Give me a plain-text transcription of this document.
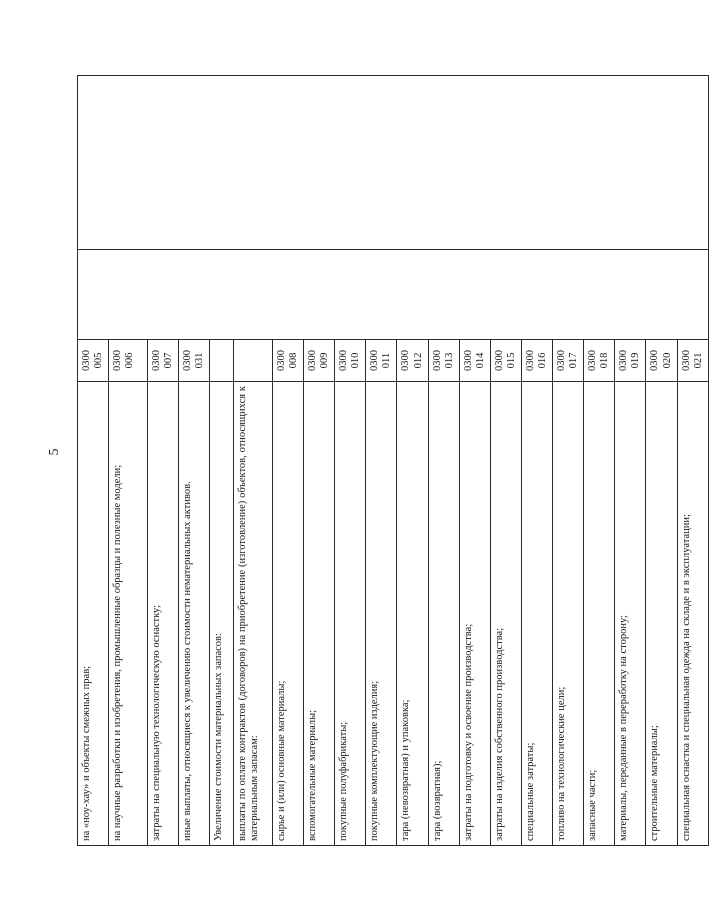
5
на «ноу-хау» и объекты смежных прав;	0300 005		
на научные разработки и изобретения, промышленные образцы и полезные модели;	0300 006		
затраты на специальную технологическую оснастку;	0300 007		
иные выплаты, относящиеся к увеличению стоимости нематериальных активов.	0300 031		
Увеличение стоимости материальных запасов:			
выплаты по оплате контрактов (договоров) на приобретение (изготовление) объектов, относящихся к материальным запасам:			
сырье и (или) основные материалы;	0300 008		
вспомогательные материалы;	0300 009		
покупные полуфабрикаты;	0300 010		
покупные комплектующие изделия;	0300 011		
тара (невозвратная) и упаковка;	0300 012		
тара (возвратная);	0300 013		
затраты на подготовку и освоение производства;	0300 014		
затраты на изделия собственного производства;	0300 015		
специальные затраты;	0300 016		
топливо на технологические цели;	0300 017		
запасные части;	0300 018		
материалы, переданные в переработку на сторону;	0300 019		
строительные материалы;	0300 020		
специальная оснастка и специальная одежда на складе и в эксплуатации;	0300 021		
